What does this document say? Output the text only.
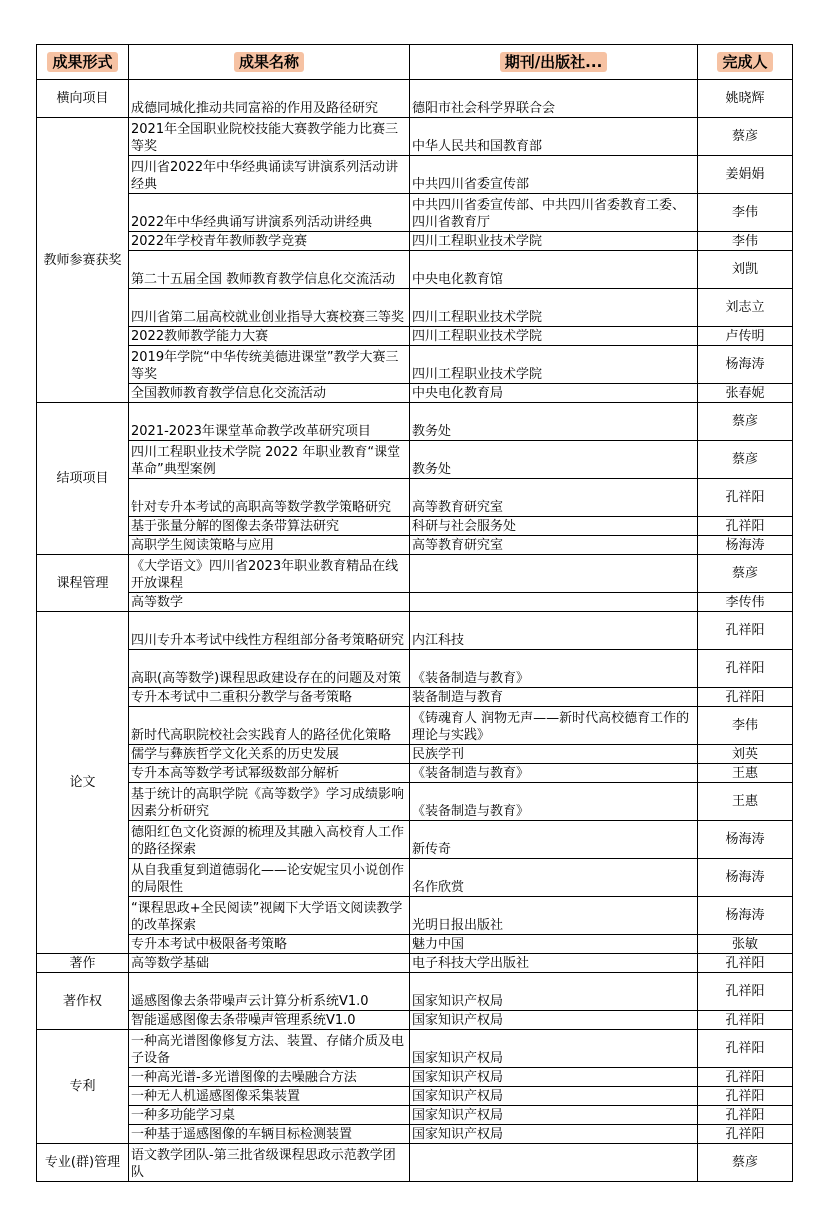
成果形式	成果名称	期刊/出版社...	完成人
横向项目	成德同城化推动共同富裕的作用及路径研究	德阳市社会科学界联合会	姚晓辉
教师参赛获奖	2021年全国职业院校技能大赛教学能力比赛三等奖	中华人民共和国教育部	蔡彦
	四川省2022年中华经典诵读写讲演系列活动讲经典	中共四川省委宣传部	姜娟娟
	2022年中华经典诵写讲演系列活动讲经典	中共四川省委宣传部、中共四川省委教育工委、四川省教育厅	李伟
	2022年学校青年教师教学竞赛	四川工程职业技术学院	李伟
	第二十五届全国 教师教育教学信息化交流活动	中央电化教育馆	刘凯
	四川省第二届高校就业创业指导大赛校赛三等奖	四川工程职业技术学院	刘志立
	2022教师教学能力大赛	四川工程职业技术学院	卢传明
	2019年学院“中华传统美德进课堂”教学大赛三等奖	四川工程职业技术学院	杨海涛
	全国教师教育教学信息化交流活动	中央电化教育局	张春妮
结项项目	2021-2023年课堂革命教学改革研究项目	教务处	蔡彦
	四川工程职业技术学院 2022 年职业教育“课堂革命”典型案例	教务处	蔡彦
	针对专升本考试的高职高等数学教学策略研究	高等教育研究室	孔祥阳
	基于张量分解的图像去条带算法研究	科研与社会服务处	孔祥阳
	高职学生阅读策略与应用	高等教育研究室	杨海涛
课程管理	《大学语文》四川省2023年职业教育精品在线开放课程		蔡彦
	高等数学		李传伟
论文	四川专升本考试中线性方程组部分备考策略研究	内江科技	孔祥阳
	高职(高等数学)课程思政建设存在的问题及对策	《装备制造与教育》	孔祥阳
	专升本考试中二重积分教学与备考策略	装备制造与教育	孔祥阳
	新时代高职院校社会实践育人的路径优化策略	《铸魂育人 润物无声——新时代高校德育工作的理论与实践》	李伟
	儒学与彝族哲学文化关系的历史发展	民族学刊	刘英
	专升本高等数学考试幂级数部分解析	《装备制造与教育》	王惠
	基于统计的高职学院《高等数学》学习成绩影响因素分析研究	《装备制造与教育》	王惠
	德阳红色文化资源的梳理及其融入高校育人工作的路径探索	新传奇	杨海涛
	从自我重复到道德弱化——论安妮宝贝小说创作的局限性	名作欣赏	杨海涛
	“课程思政+全民阅读”视阈下大学语文阅读教学的改革探索	光明日报出版社	杨海涛
	专升本考试中极限备考策略	魅力中国	张敏
著作	高等数学基础	电子科技大学出版社	孔祥阳
著作权	遥感图像去条带噪声云计算分析系统V1.0	国家知识产权局	孔祥阳
	智能遥感图像去条带噪声管理系统V1.0	国家知识产权局	孔祥阳
专利	一种高光谱图像修复方法、装置、存储介质及电子设备	国家知识产权局	孔祥阳
	一种高光谱-多光谱图像的去噪融合方法	国家知识产权局	孔祥阳
	一种无人机遥感图像采集装置	国家知识产权局	孔祥阳
	一种多功能学习桌	国家知识产权局	孔祥阳
	一种基于遥感图像的车辆目标检测装置	国家知识产权局	孔祥阳
专业(群)管理	语文教学团队-第三批省级课程思政示范教学团队		蔡彦
